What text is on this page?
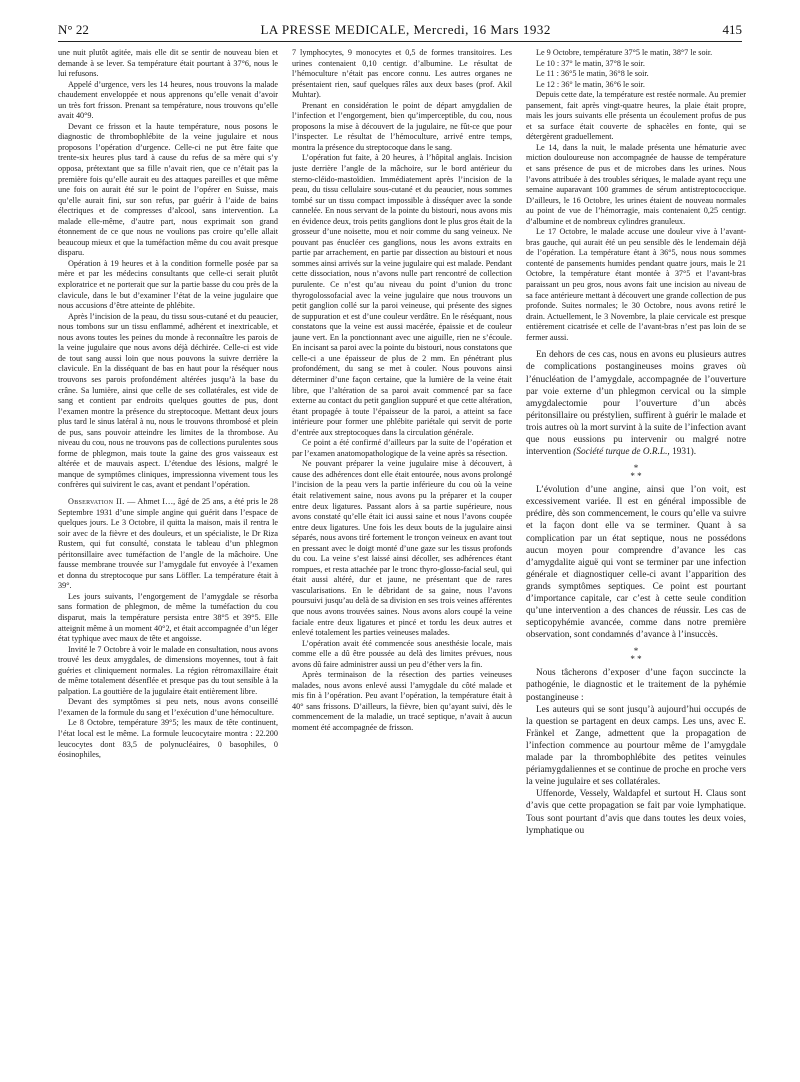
N° 22	LA PRESSE MEDICALE, Mercredi, 16 Mars 1932	415

une nuit plutôt agitée, mais elle dit se sentir de nouveau bien et demande à se lever. Sa température était pourtant à 37°6, nous le lui refusons.

Appelé d’urgence, vers les 14 heures, nous trouvons la malade chaudement enveloppée et nous apprenons qu’elle venait d’avoir un très fort frisson. Prenant sa température, nous trouvons qu’elle avait 40°9.

Devant ce frisson et la haute température, nous posons le diagnostic de thrombophlébite de la veine jugulaire et nous proposons l’opération d’urgence. Celle-ci ne put être faite que trente-six heures plus tard à cause du refus de sa mère qui s’y opposa, prétextant que sa fille n’avait rien, que ce n’était pas la première fois qu’elle aurait eu des attaques pareilles et que même une fois on aurait été sur le point de l’opérer en Suisse, mais qu’elle aurait fini, sur son refus, par guérir à l’aide de bains électriques et de compresses d’alcool, sans intervention. La malade elle-même, d’autre part, nous exprimait son grand étonnement de ce que nous ne voulions pas croire qu’elle allait beaucoup mieux et que la tuméfaction même du cou avait presque disparu.

Opération à 19 heures et à la condition formelle posée par sa mère et par les médecins consultants que celle-ci serait plutôt exploratrice et ne porterait que sur la partie basse du cou près de la clavicule, dans le but d’examiner l’état de la veine jugulaire que nous accusions d’être atteinte de phlébite.

Après l’incision de la peau, du tissu sous-cutané et du peaucier, nous tombons sur un tissu enflammé, adhérent et inextricable, et nous avons toutes les peines du monde à reconnaître les parois de la veine jugulaire que nous avons déjà déchirée. Celle-ci est vide de tout sang aussi loin que nous pouvons la suivre derrière la clavicule. En la disséquant de bas en haut pour la réséquer nous trouvons ses parois profondément altérées jusqu’à la base du crâne. Sa lumière, ainsi que celle de ses collatérales, est vide de sang et contient par endroits quelques gouttes de pus, dont l’examen montre la présence du streptocoque. Mettant deux jours plus tard le sinus latéral à nu, nous le trouvons thrombosé et plein de pus, sans pouvoir atteindre les limites de la thrombose. Au niveau du cou, nous ne trouvons pas de collections purulentes sous forme de phlegmon, mais toute la gaine des gros vaisseaux est altérée et de mauvais aspect. L’étendue des lésions, malgré le manque de symptômes cliniques, impressionna vivement tous les confrères qui suivirent le cas, avant et pendant l’opération.

Observation II. — Ahmet I…, âgé de 25 ans, a été pris le 28 Septembre 1931 d’une simple angine qui guérit dans l’espace de quelques jours. Le 3 Octobre, il quitta la maison, mais il rentra le soir avec de la fièvre et des douleurs, et un spécialiste, le Dr Riza Rustem, qui fut consulté, constata le tableau d’un phlegmon péritonsillaire avec tuméfaction de l’angle de la mâchoire. Une fausse membrane trouvée sur l’amygdale fut envoyée à l’examen et donna du streptocoque pur sans Löffler. La température était à 39°.

Les jours suivants, l’engorgement de l’amygdale se résorba sans formation de phlegmon, de même la tuméfaction du cou disparut, mais la température persista entre 38°5 et 39°5. Elle atteignit même à un moment 40°2, et était accompagnée d’un léger état typhique avec maux de tête et angoisse.

Invité le 7 Octobre à voir le malade en consultation, nous avons trouvé les deux amygdales, de dimensions moyennes, tout à fait guéries et cliniquement normales. La région rétromaxillaire était de même totalement désenflée et presque pas du tout sensible à la palpation. La gouttière de la jugulaire était entièrement libre.

Devant des symptômes si peu nets, nous avons conseillé l’examen de la formule du sang et l’exécution d’une hémoculture.

Le 8 Octobre, température 39°5; les maux de tête continuent, l’état local est le même. La formule leucocytaire montra : 22.200 leucocytes dont 83,5 de polynucléaires, 0 basophiles, 0 éosinophiles,

7 lymphocytes, 9 monocytes et 0,5 de formes transitoires. Les urines contenaient 0,10 centigr. d’albumine. Le résultat de l’hémoculture n’était pas encore connu. Les autres organes ne présentaient rien, sauf quelques râles aux deux bases (prof. Akil Muhtar).

Prenant en considération le point de départ amygdalien de l’infection et l’engorgement, bien qu’imperceptible, du cou, nous proposons la mise à découvert de la jugulaire, ne fût-ce que pour l’inspecter. Le résultat de l’hémoculture, arrivé entre temps, montra la présence du streptocoque dans le sang.

L’opération fut faite, à 20 heures, à l’hôpital anglais. Incision juste derrière l’angle de la mâchoire, sur le bord antérieur du sterno-cléido-mastoïdien. Immédiatement après l’incision de la peau, du tissu cellulaire sous-cutané et du peaucier, nous sommes tombé sur un tissu compact impossible à disséquer avec la sonde cannelée. En nous servant de la pointe du bistouri, nous avons mis en évidence deux, trois petits ganglions dont le plus gros était de la grosseur d’une noisette, mou et noir comme du sang veineux. Ne pouvant pas énucléer ces ganglions, nous les avons extraits en partie par arrachement, en partie par dissection au bistouri et nous sommes ainsi arrivés sur la veine jugulaire qui est malade. Pendant cette dissociation, nous n’avons nulle part rencontré de collection purulente. Ce n’est qu’au niveau du point d’union du tronc thyrogolossofacial avec la veine jugulaire que nous trouvons un petit ganglion collé sur la paroi veineuse, qui présente des signes de suppuration et est d’une couleur verdâtre. En le réséquant, nous constatons que la veine est aussi macérée, épaissie et de couleur jaune vert. En la ponctionnant avec une aiguille, rien ne s’écoule. En incisant sa paroi avec la pointe du bistouri, nous constatons que celle-ci a une épaisseur de plus de 2 mm. En pénétrant plus profondément, du sang se met à couler. Nous pouvons ainsi déterminer d’une façon certaine, que la lumière de la veine était libre, que l’altération de sa paroi avait commencé par sa face externe au contact du petit ganglion suppuré et que cette altération, étant propagée à toute l’épaisseur de la paroi, a atteint sa face intérieure pour former une phlébite pariétale qui servit de porte d’entrée aux streptocoques dans la circulation générale.

Ce point a été confirmé d’ailleurs par la suite de l’opération et par l’examen anatomopathologique de la veine après sa résection.

Ne pouvant préparer la veine jugulaire mise à découvert, à cause des adhérences dont elle était entourée, nous avons prolongé l’incision de la peau vers la partie inférieure du cou où la veine était relativement saine, nous avons pu la préparer et la couper entre deux ligatures. Passant alors à sa partie supérieure, nous avons constaté qu’elle était ici aussi saine et nous l’avons coupée entre deux ligatures. Une fois les deux bouts de la jugulaire ainsi séparés, nous avons tiré fortement le tronçon veineux en avant tout en pressant avec le doigt monté d’une gaze sur les tissus profonds du cou. La veine s’est laissé ainsi décoller, ses adhérences étant rompues, et resta attachée par le tronc thyro-glosso-facial seul, qui était aussi altéré, dur et jaune, ne présentant que de rares vascularisations. En le débridant de sa gaine, nous l’avons poursuivi jusqu’au delà de sa division en ses trois veines afférentes que nous avons trouvées saines. Nous avons alors coupé la veine faciale entre deux ligatures et pincé et tordu les deux autres et enlevé totalement les parties veineuses malades.

L’opération avait été commencée sous anesthésie locale, mais comme elle a dû être poussée au delà des limites prévues, nous avons dû faire administrer aussi un peu d’éther vers la fin.

Après terminaison de la résection des parties veineuses malades, nous avons enlevé aussi l’amygdale du côté malade et mis fin à l’opération. Peu avant l’opération, la température était à 40° sans frissons. D’ailleurs, la fièvre, bien qu’ayant suivi, dès le commencement de la maladie, un tracé septique, n’avait à aucun moment été accompagnée de frisson.

Le 9 Octobre, température 37°5 le matin, 38°7 le soir.

Le 10 : 37° le matin, 37°8 le soir.
Le 11 : 36°5 le matin, 36°8 le soir.
Le 12 : 36° le matin, 36°6 le soir.

Depuis cette date, la température est restée normale. Au premier pansement, fait après vingt-quatre heures, la plaie était propre, mais les jours suivants elle présenta un écoulement profus de pus et sa surface était couverte de sphacèles en fonte, qui se détergèrent graduellement.

Le 14, dans la nuit, le malade présenta une hématurie avec miction douloureuse non accompagnée de hausse de température et sans présence de pus et de microbes dans les urines. Nous l’avons attribuée à des troubles sériques, le malade ayant reçu une semaine auparavant 100 grammes de sérum antistreptococcique. D’ailleurs, le 16 Octobre, les urines étaient de nouveau normales au point de vue de l’hémorragie, mais contenaient 0,25 centigr. d’albumine et de nombreux cylindres granuleux.

Le 17 Octobre, le malade accuse une douleur vive à l’avant-bras gauche, qui aurait été un peu sensible dès le lendemain déjà de l’opération. La température étant à 36°5, nous nous sommes contenté de pansements humides pendant quatre jours, mais le 21 Octobre, la température étant montée à 37°5 et l’avant-bras paraissant un peu gros, nous avons fait une incision au niveau de sa face antérieure mettant à découvert une grande collection de pus profonde. Suites normales; le 30 Octobre, nous avons retiré le drain. Actuellement, le 3 Novembre, la plaie cervicale est presque entièrement cicatrisée et celle de l’avant-bras n’est pas loin de se fermer aussi.

En dehors de ces cas, nous en avons eu plusieurs autres de complications postangineuses moins graves où l’énucléation de l’amygdale, accompagnée de l’ouverture par voie externe d’un phlegmon cervical ou la simple amygdalectomie pour l’ouverture d’un abcès péritonsillaire ou préstylien, suffirent à guérir le malade et trois autres où la mort survint à la suite de l’infection avant que nous eussions pu intervenir ou malgré notre intervention (Société turque de O.R.L., 1931).

*
* *

L’évolution d’une angine, ainsi que l’on voit, est excessivement variée. Il est en général impossible de prédire, dès son commencement, le cours qu’elle va suivre et la façon dont elle va se terminer. Quant à sa complication par un état septique, nous ne possédons aucun moyen pour comprendre d’avance les cas d’amygdalite aiguë qui vont se terminer par une infection générale et diagnostiquer celle-ci avant l’apparition des grands symptômes septiques. Ce point est pourtant d’importance capitale, car c’est à cette seule condition qu’une intervention a des chances de réussir. Les cas de septicopyhémie avancée, comme dans notre première observation, sont condamnés d’avance à l’insuccès.

*
* *

Nous tâcherons d’exposer d’une façon succincte la pathogénie, le diagnostic et le traitement de la pyhémie postangineuse :

Les auteurs qui se sont jusqu’à aujourd’hui occupés de la question se partagent en deux camps. Les uns, avec E. Fränkel et Zange, admettent que la propagation de l’infection commence au pourtour même de l’amygdale malade par la thrombophlébite des petites veinules périamygdaliennes et se continue de proche en proche vers la veine jugulaire et ses collatérales.

Uffenorde, Vessely, Waldapfel et surtout H. Claus sont d’avis que cette propagation se fait par voie lymphatique. Tous sont pourtant d’avis que dans toutes les deux voies, lymphatique ou
